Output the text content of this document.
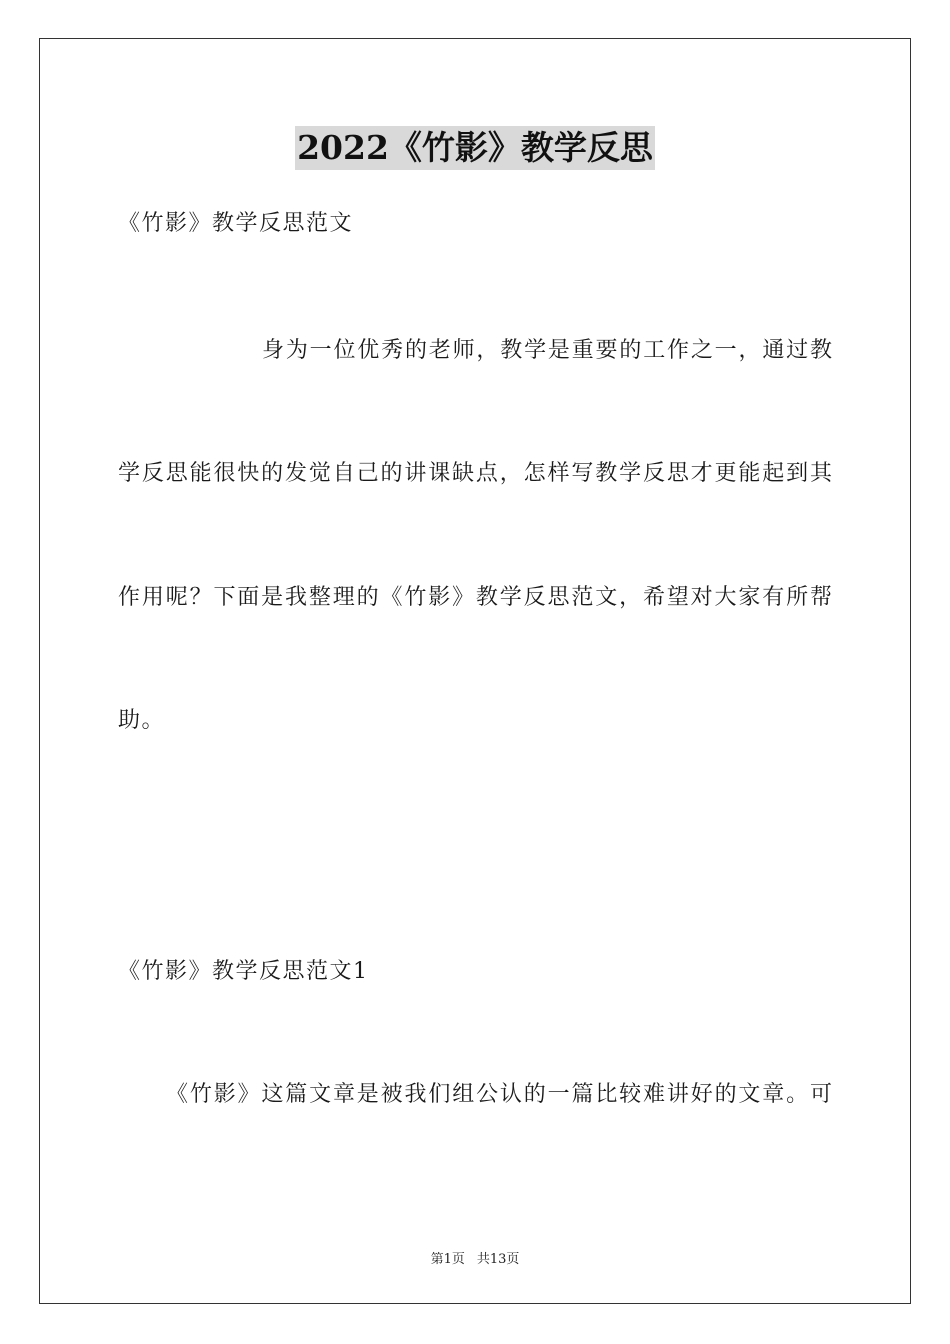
2022《竹影》教学反思
《竹影》教学反思范文
身为一位优秀的老师，教学是重要的工作之一，通过教
学反思能很快的发觉自己的讲课缺点，怎样写教学反思才更能起到其
作用呢？下面是我整理的《竹影》教学反思范文，希望对大家有所帮
助。
《竹影》教学反思范文1
《竹影》这篇文章是被我们组公认的一篇比较难讲好的文章。可
第1页 共13页
